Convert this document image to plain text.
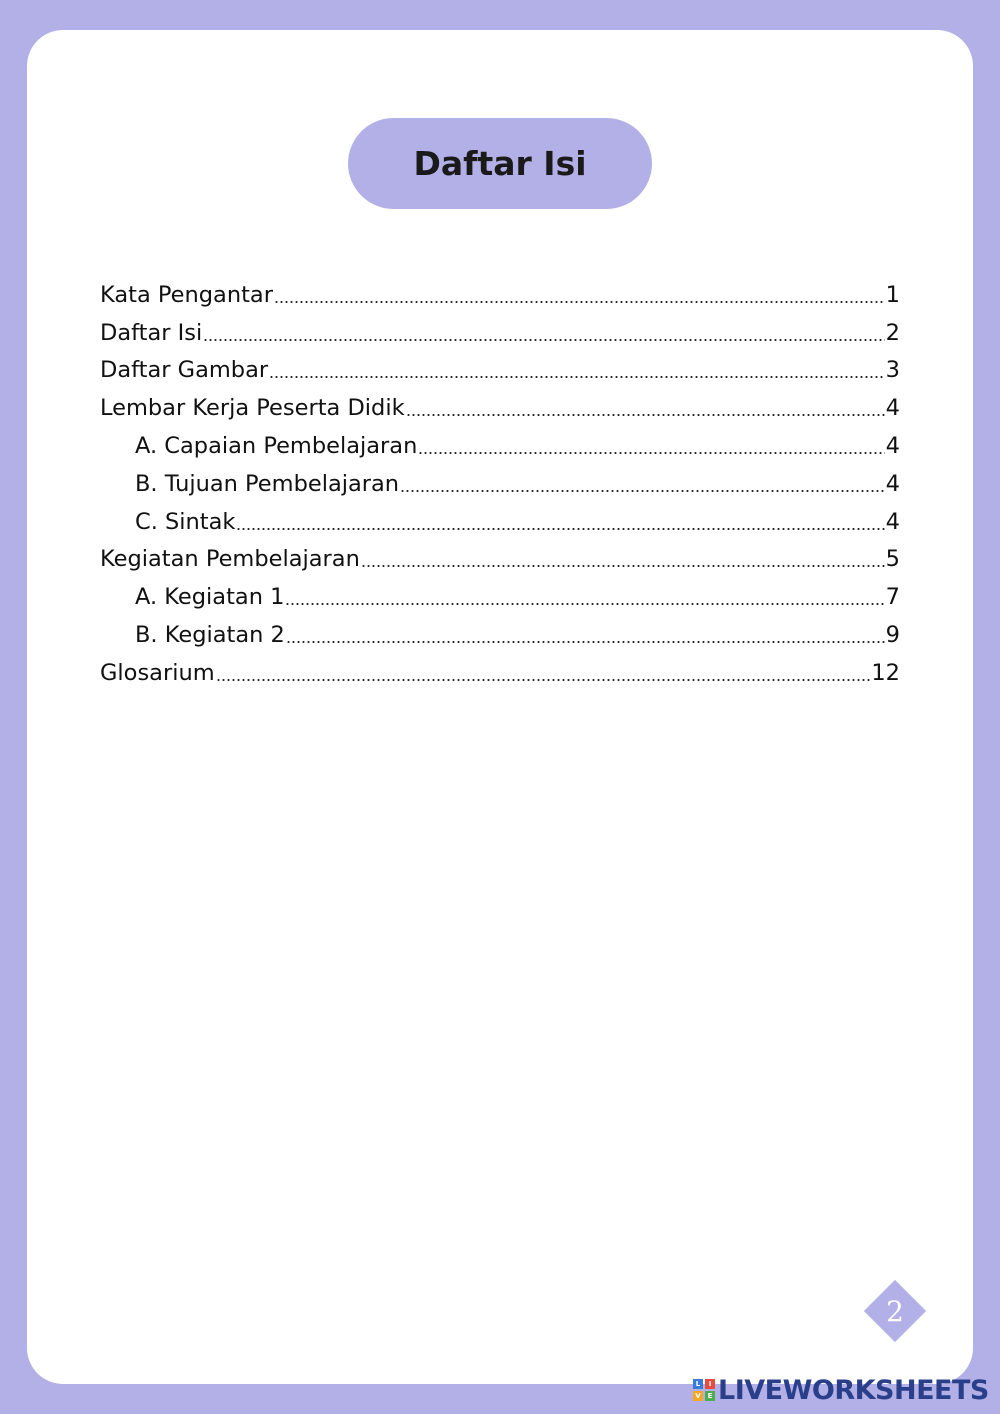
Daftar Isi
Kata Pengantar	1
Daftar Isi	2
Daftar Gambar	3
Lembar Kerja Peserta Didik	4
A. Capaian Pembelajaran	4
B. Tujuan Pembelajaran	4
C. Sintak	4
Kegiatan Pembelajaran	5
A. Kegiatan 1	7
B. Kegiatan 2	9
Glosarium	12
2
L	I
V E LIVEWORKSHEETS
